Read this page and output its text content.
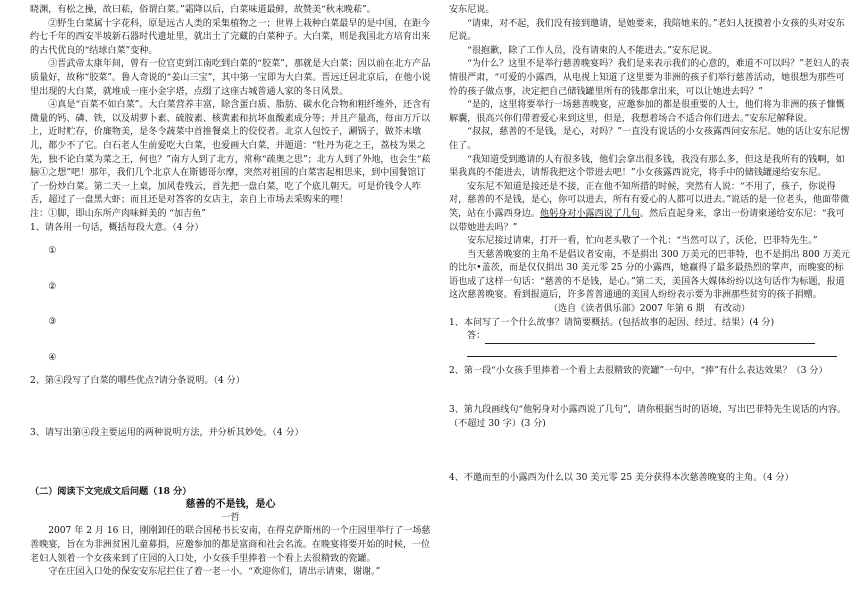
晓渊，有松之操，故曰菘，俗谓白菜。”霜降以后，白菜味道最鲜，故赞美“秋末晚菘”。

②野生白菜属十字花科，原是远古人类的采集植物之一；世界上栽种白菜最早的是中国，在距今约七千年的西安半坡新石器时代遗址里，就出土了完藏的白菜种子。大白菜，则是我国北方培育出来的古代优良的“结球白菜”变种。

③晋武帝太康年间，曾有一位官吏到江南吃到白菜的“胶菜”，那就是大白菜；因以前在北方产品质量好，故称“胶菜”。鲁人奇说的“姜山三宝”，其中第一宝即为大白菜。晋远迁居北京后，在他小说里出现的大白菜，就堆成一座小金字塔，点缀了这座古城普通人家的冬日风景。

④真是“百菜不如白菜”。大白菜营养丰富，除含蛋白质、脂肪、碳水化合物和粗纤维外，还含有微量的钙、磷、铁，以及胡萝卜素、硫胺素、核黄素和抗坏血酸素成分等；并且产量高，每亩万斤以上，近时贮存，价廉物美，是冬令蔬菜中首推餐桌上的佼佼者。北京人包饺子，涮锅子，做芥末墩儿，都少不了它。白石老人生前爱吃大白菜，也爱画大白菜，并题道：“牡丹为花之王，荔枝为果之先，独不论白菜为菜之王，何也？”南方人到了北方，常称“疏奥之思”；北方人到了外地，也会生“菘脑①之想”吧！那年，我们几个北京人在斯德哥尔摩，突然对祖国的白菜害起相思来，到中国餐馆订了一份炒白菜。第二天一上桌，加风卷残云，首先把一盘白菜，吃了个底儿朝天。可是价钱令人咋舌，超过了一盘黑大虾；而且还是对答客的女店主，亲自上市场去采购来的哩！

注：①脚，即山东所产肉味鲜美的 “加吉鱼”

1、请各用一句话，概括每段大意。（4 分）

①

②

③

④

2、第④段写了白菜的哪些优点?请分条说明。（4 分）

3、请写出第④段主要运用的两种说明方法，并分析其妙处。（4 分）

（二）阅读下文完成文后问题（18 分）

慈善的不是钱，是心

一哲

2007 年 2 月 16 日，刚刚卸任的联合国秘书长安南，在得克萨斯州的一个庄园里举行了一场慈善晚宴，旨在为非洲贫困儿童募捐，应邀参加的都是富商和社会名流。在晚宴将要开始的时候，一位老妇人领着一个女孩来到了庄园的入口处，小女孩手里捧着一个看上去很精致的瓷罐。

守在庄园入口处的保安安东尼拦住了着一老一小。“欢迎你们，请出示请柬，谢谢。”

安东尼说。

“请柬，对不起，我们没有接到邀请，是她要来，我陪她来的。”老妇人抚摸着小女孩的头对安东尼说。

“很抱歉，除了工作人员，没有请柬的人不能进去。”安东尼说。

“为什么？这里不是举行慈善晚宴吗？我们是来表示我们的心意的，难道不可以吗？”老妇人的表情很严肃，“可爱的小露西，从电视上知道了这里要为非洲的孩子们举行慈善活动，她很想为那些可怜的孩子做点事，决定把自己储钱罐里所有的钱都拿出来，可以让她进去吗？”

“是的，这里将要举行一场慈善晚宴，应邀参加的都是很重要的人士，他们将为非洲的孩子慷慨解囊，很高兴你们带着爱心来到这里，但是，我想着场合不适合你们进去。”安东尼解释说。

“叔叔，慈善的不是钱，是心，对吗？”一直没有说话的小女孩露西问安东尼。她的话让安东尼愣住了。

“我知道受到邀请的人有很多钱，他们会拿出很多钱，我没有那么多，但这是我所有的钱啊，如果我真的不能进去，请帮我把这个带进去吧！”小女孩露西说完，将手中的储钱罐递给安东尼。

安东尼不知道是接还是不接，正在他不知所措的时候，突然有人说：“不用了，孩子，你说得对，慈善的不是钱，是心，你可以进去，所有有爱心的人都可以进去。”说话的是一位老头，他面带微笑，站在小露西身边。他躬身对小露西说了几句。然后直起身来，拿出一份请柬递给安东尼：“我可以带她进去吗？”

安东尼接过请柬，打开一看，忙向老头敬了一个礼：“当然可以了，沃伦，巴菲特先生。”

当天慈善晚宴的主角不是倡议者安南，不是捐出 300 万美元的巴菲特，也不是捐出 800 万美元的比尔•盖茨，而是仅仅捐出 30 美元零 25 分的小露西，她赢得了最多最热烈的掌声，而晚宴的标语也成了这样一句话：“慈善的不是钱，是心。”第二天，美国各大媒体纷纷以这句话作为标题，报道这次慈善晚宴。看到报道后，许多普普通通的美国人纷纷表示要为非洲那些贫穷的孩子捐赠。

（选自《读者俱乐部》2007 年第 6 期　有改动）

1、本问写了一个什么故事？请简要概括。(包括故事的起因、经过、结果）(4 分)

答：

2、第一段“小女孩手里捧着一个看上去很精致的瓷罐”一句中，“捧”有什么表达效果？（3 分）

3、第九段画线句“他躬身对小露西说了几句”，请你根据当时的语境，写出巴菲特先生说话的内容。（不超过 30 字）(3 分)

4、不邀而至的小露西为什么以 30 美元零 25 美分获得本次慈善晚宴的主角。（4 分）
